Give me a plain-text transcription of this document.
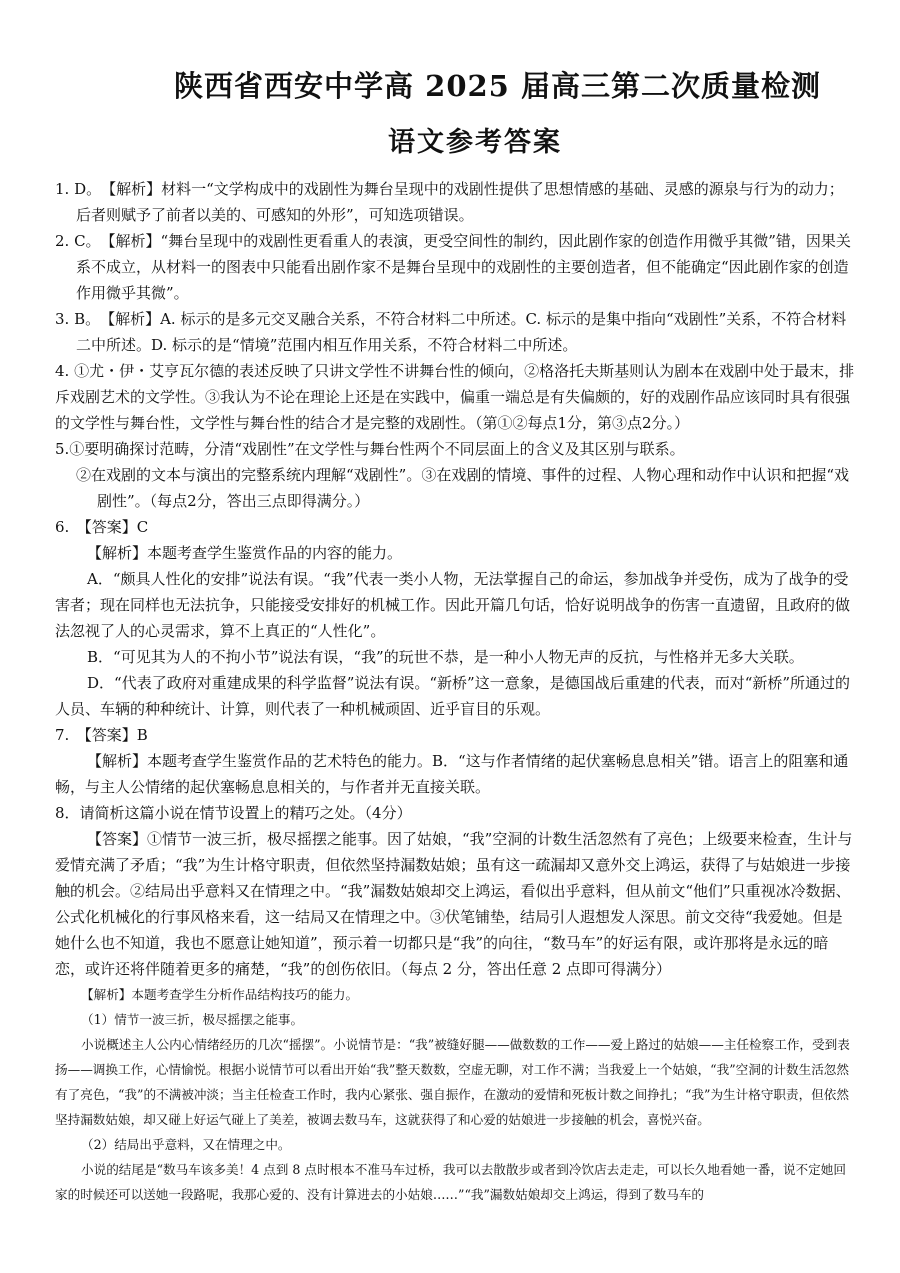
陕西省西安中学高 2025 届高三第二次质量检测
语文参考答案

1. D。　【解析】材料一“文学构成中的戏剧性为舞台呈现中的戏剧性提供了思想情感的基础、灵感的源泉与行为的动力；后者则赋予了前者以美的、可感知的外形”，可知选项错误。

2. C。　【解析】“舞台呈现中的戏剧性更看重人的表演，更受空间性的制约，因此剧作家的创造作用微乎其微”错，因果关系不成立，从材料一的图表中只能看出剧作家不是舞台呈现中的戏剧性的主要创造者，但不能确定“因此剧作家的创造作用微乎其微”。

3. B。　【解析】A. 标示的是多元交叉融合关系，不符合材料二中所述。C. 标示的是集中指向“戏剧性”关系，不符合材料二中所述。D. 标示的是“情境”范围内相互作用关系，不符合材料二中所述。

4. ①尤・伊・艾亨瓦尔德的表述反映了只讲文学性不讲舞台性的倾向，②格洛托夫斯基则认为剧本在戏剧中处于最末，排斥戏剧艺术的文学性。③我认为不论在理论上还是在实践中，偏重一端总是有失偏颇的，好的戏剧作品应该同时具有很强的文学性与舞台性，文学性与舞台性的结合才是完整的戏剧性。（第①②每点1分，第③点2分。）

5.①要明确探讨范畴，分清“戏剧性”在文学性与舞台性两个不同层面上的含义及其区别与联系。

②在戏剧的文本与演出的完整系统内理解“戏剧性”。③在戏剧的情境、事件的过程、人物心理和动作中认识和把握“戏剧性”。（每点2分，答出三点即得满分。）

6.　【答案】C

【解析】本题考查学生鉴赏作品的内容的能力。

A．“颇具人性化的安排”说法有误。“我”代表一类小人物，无法掌握自己的命运，参加战争并受伤，成为了战争的受害者；现在同样也无法抗争，只能接受安排好的机械工作。因此开篇几句话，恰好说明战争的伤害一直遗留，且政府的做法忽视了人的心灵需求，算不上真正的“人性化”。

B．“可见其为人的不拘小节”说法有误，“我”的玩世不恭，是一种小人物无声的反抗，与性格并无多大关联。

D．“代表了政府对重建成果的科学监督”说法有误。“新桥”这一意象，是德国战后重建的代表，而对“新桥”所通过的人员、车辆的种种统计、计算，则代表了一种机械顽固、近乎盲目的乐观。

7.　【答案】B

【解析】本题考查学生鉴赏作品的艺术特色的能力。B．“这与作者情绪的起伏塞畅息息相关”错。语言上的阻塞和通畅，与主人公情绪的起伏塞畅息息相关的，与作者并无直接关联。

8．请简析这篇小说在情节设置上的精巧之处。（4分）

【答案】①情节一波三折，极尽摇摆之能事。因了姑娘，“我”空洞的计数生活忽然有了亮色；上级要来检查，生计与爱情充满了矛盾；“我”为生计格守职责，但依然坚持漏数姑娘；虽有这一疏漏却又意外交上鸿运，获得了与姑娘进一步接触的机会。②结局出乎意料又在情理之中。“我”漏数姑娘却交上鸿运，看似出乎意料，但从前文“他们”只重视冰冷数据、公式化机械化的行事风格来看，这一结局又在情理之中。③伏笔铺垫，结局引人遐想发人深思。前文交待“我爱她。但是她什么也不知道，我也不愿意让她知道”，预示着一切都只是“我”的向往，“数马车”的好运有限，或许那将是永远的暗恋，或许还将伴随着更多的痛楚，“我”的创伤依旧。（每点 2 分，答出任意 2 点即可得满分）

【解析】本题考查学生分析作品结构技巧的能力。

（1）情节一波三折，极尽摇摆之能事。

小说概述主人公内心情绪经历的几次“摇摆”。小说情节是：“我”被缝好腿——做数数的工作——爱上路过的姑娘——主任检察工作，受到表扬——调换工作，心情愉悦。根据小说情节可以看出开始“我”整天数数，空虚无聊，对工作不满；当我爱上一个姑娘，“我”空洞的计数生活忽然有了亮色，“我”的不满被冲淡；当主任检查工作时，我内心紧张、强自振作，在激动的爱情和死板计数之间挣扎；“我”为生计格守职责，但依然坚持漏数姑娘，却又碰上好运气碰上了美差，被调去数马车，这就获得了和心爱的姑娘进一步接触的机会，喜悦兴奋。

（2）结局出乎意料，又在情理之中。

小说的结尾是“数马车该多美！4 点到 8 点时根本不准马车过桥，我可以去散散步或者到冷饮店去走走，可以长久地看她一番，说不定她回家的时候还可以送她一段路呢，我那心爱的、没有计算进去的小姑娘……”“我”漏数姑娘却交上鸿运，得到了数马车的
